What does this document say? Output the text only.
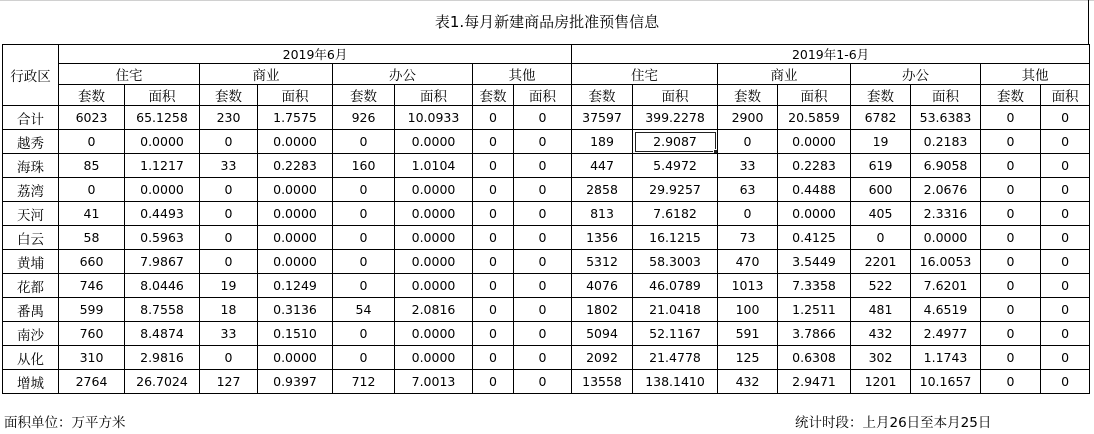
表1.每月新建商品房批准预售信息
行政区	2019年6月								2019年1-6月							
	住宅		商业		办公		其他		住宅		商业		办公		其他	
	套数	面积	套数	面积	套数	面积	套数	面积	套数	面积	套数	面积	套数	面积	套数	面积
合计	6023	65.1258	230	1.7575	926	10.0933	0	0	37597	399.2278	2900	20.5859	6782	53.6383	0	0
越秀	0	0.0000	0	0.0000	0	0.0000	0	0	189	2.9087	0	0.0000	19	0.2183	0	0
海珠	85	1.1217	33	0.2283	160	1.0104	0	0	447	5.4972	33	0.2283	619	6.9058	0	0
荔湾	0	0.0000	0	0.0000	0	0.0000	0	0	2858	29.9257	63	0.4488	600	2.0676	0	0
天河	41	0.4493	0	0.0000	0	0.0000	0	0	813	7.6182	0	0.0000	405	2.3316	0	0
白云	58	0.5963	0	0.0000	0	0.0000	0	0	1356	16.1215	73	0.4125	0	0.0000	0	0
黄埔	660	7.9867	0	0.0000	0	0.0000	0	0	5312	58.3003	470	3.5449	2201	16.0053	0	0
花都	746	8.0446	19	0.1249	0	0.0000	0	0	4076	46.0789	1013	7.3358	522	7.6201	0	0
番禺	599	8.7558	18	0.3136	54	2.0816	0	0	1802	21.0418	100	1.2511	481	4.6519	0	0
南沙	760	8.4874	33	0.1510	0	0.0000	0	0	5094	52.1167	591	3.7866	432	2.4977	0	0
从化	310	2.9816	0	0.0000	0	0.0000	0	0	2092	21.4778	125	0.6308	302	1.1743	0	0
增城	2764	26.7024	127	0.9397	712	7.0013	0	0	13558	138.1410	432	2.9471	1201	10.1657	0	0
面积单位：万平方米	统计时段：上月26日至本月25日
